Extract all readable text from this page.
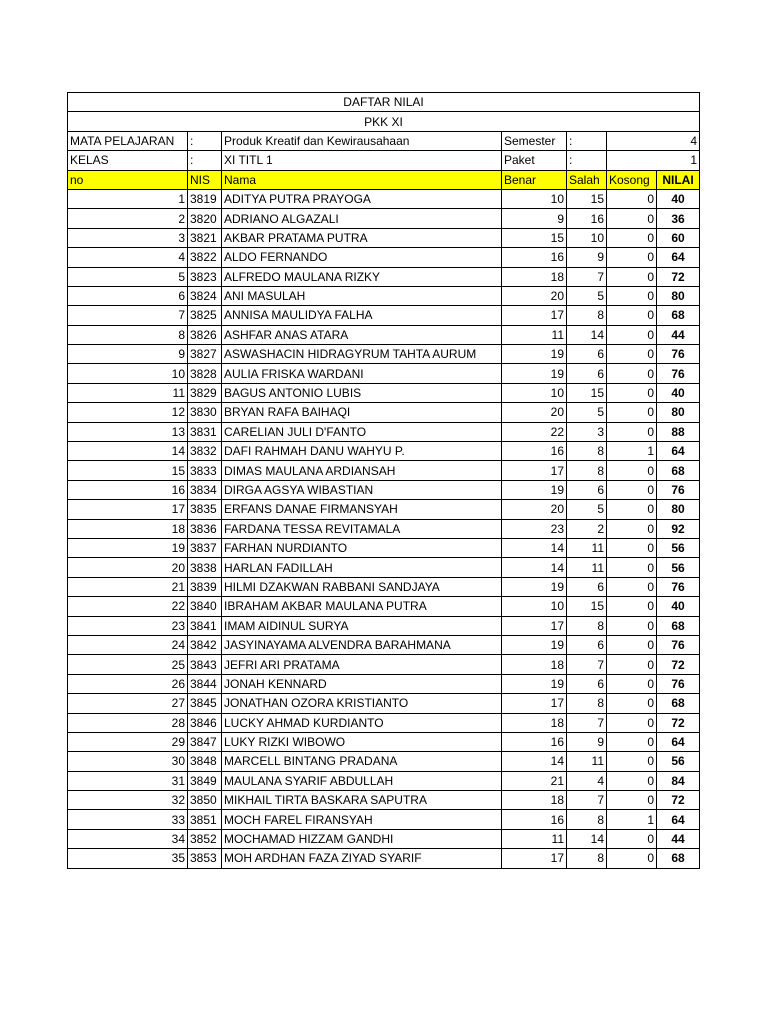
DAFTAR NILAI						
PKK XI						
MATA PELAJARAN	:	Produk Kreatif dan Kewirausahaan	Semester	:	4	
KELAS	:	XI TITL 1	Paket	:	1	
no	NIS	Nama	Benar	Salah	Kosong	NILAI
1	3819	ADITYA PUTRA PRAYOGA	10	15	0	40
2	3820	ADRIANO ALGAZALI	9	16	0	36
3	3821	AKBAR PRATAMA PUTRA	15	10	0	60
4	3822	ALDO FERNANDO	16	9	0	64
5	3823	ALFREDO MAULANA RIZKY	18	7	0	72
6	3824	ANI MASULAH	20	5	0	80
7	3825	ANNISA MAULIDYA FALHA	17	8	0	68
8	3826	ASHFAR ANAS ATARA	11	14	0	44
9	3827	ASWASHACIN HIDRAGYRUM TAHTA AURUM	19	6	0	76
10	3828	AULIA FRISKA WARDANI	19	6	0	76
11	3829	BAGUS ANTONIO LUBIS	10	15	0	40
12	3830	BRYAN RAFA BAIHAQI	20	5	0	80
13	3831	CARELIAN JULI D'FANTO	22	3	0	88
14	3832	DAFI RAHMAH DANU WAHYU P.	16	8	1	64
15	3833	DIMAS MAULANA ARDIANSAH	17	8	0	68
16	3834	DIRGA AGSYA WIBASTIAN	19	6	0	76
17	3835	ERFANS DANAE FIRMANSYAH	20	5	0	80
18	3836	FARDANA TESSA REVITAMALA	23	2	0	92
19	3837	FARHAN NURDIANTO	14	11	0	56
20	3838	HARLAN FADILLAH	14	11	0	56
21	3839	HILMI DZAKWAN RABBANI SANDJAYA	19	6	0	76
22	3840	IBRAHAM AKBAR MAULANA PUTRA	10	15	0	40
23	3841	IMAM AIDINUL SURYA	17	8	0	68
24	3842	JASYINAYAMA ALVENDRA BARAHMANA	19	6	0	76
25	3843	JEFRI ARI PRATAMA	18	7	0	72
26	3844	JONAH KENNARD	19	6	0	76
27	3845	JONATHAN OZORA KRISTIANTO	17	8	0	68
28	3846	LUCKY AHMAD KURDIANTO	18	7	0	72
29	3847	LUKY RIZKI WIBOWO	16	9	0	64
30	3848	MARCELL BINTANG PRADANA	14	11	0	56
31	3849	MAULANA SYARIF ABDULLAH	21	4	0	84
32	3850	MIKHAIL TIRTA BASKARA SAPUTRA	18	7	0	72
33	3851	MOCH FAREL FIRANSYAH	16	8	1	64
34	3852	MOCHAMAD HIZZAM GANDHI	11	14	0	44
35	3853	MOH ARDHAN FAZA ZIYAD SYARIF	17	8	0	68
